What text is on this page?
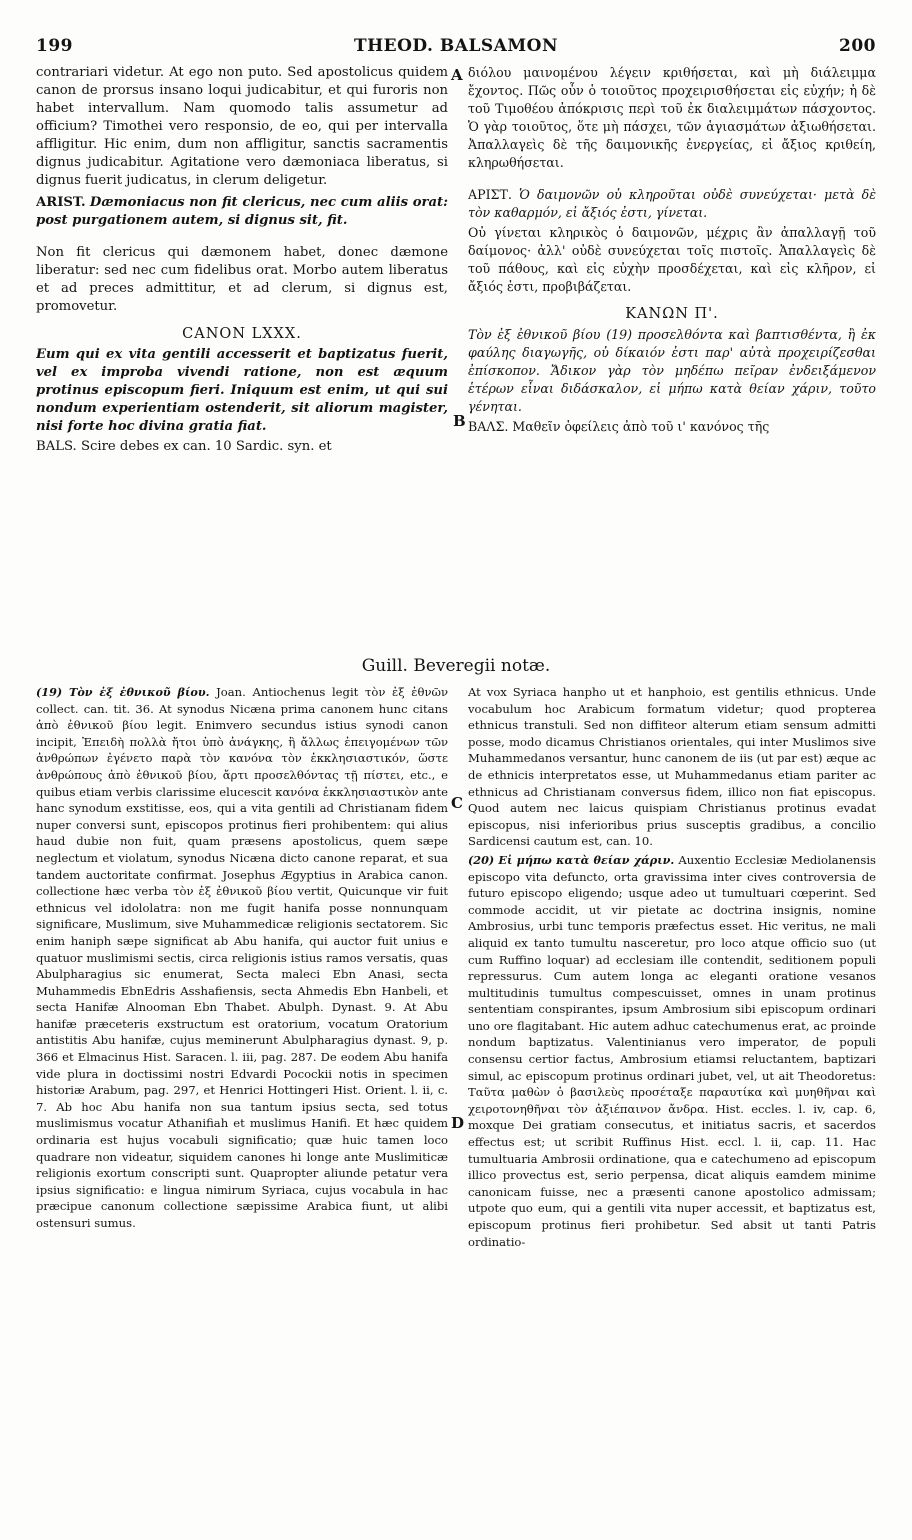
199	THEOD. BALSAMON	200
A
B
C
D

contrariari videtur. At ego non puto. Sed apostolicus quidem canon de prorsus insano loqui judicabitur, et qui furoris non habet intervallum. Nam quomodo talis assumetur ad officium? Timothei vero responsio, de eo, qui per intervalla affligitur. Hic enim, dum non affligitur, sanctis sacramentis dignus judicabitur. Agitatione vero dæmoniaca liberatus, si dignus fuerit judicatus, in clerum deligetur.

ARIST. Dæmoniacus non fit clericus, nec cum aliis orat: post purgationem autem, si dignus sit, fit.

Non fit clericus qui dæmonem habet, donec dæmone liberatur: sed nec cum fidelibus orat. Morbo autem liberatus et ad preces admittitur, et ad clerum, si dignus est, promovetur.

CANON LXXX.

Eum qui ex vita gentili accesserit et baptizatus fuerit, vel ex improba vivendi ratione, non est æquum protinus episcopum fieri. Iniquum est enim, ut qui sui nondum experientiam ostenderit, sit aliorum magister, nisi forte hoc divina gratia fiat.

BALS. Scire debes ex can. 10 Sardic. syn. et

διόλου μαινομένου λέγειν κριθήσεται, καὶ μὴ διάλειμμα ἔχοντος. Πῶς οὖν ὁ τοιοῦτος προχειρισθήσεται εἰς εὐχήν; ἡ δὲ τοῦ Τιμοθέου ἀπόκρισις περὶ τοῦ ἐκ διαλειμμάτων πάσχοντος. Ὁ γὰρ τοιοῦτος, ὅτε μὴ πάσχει, τῶν ἁγιασμάτων ἀξιωθήσεται. Ἀπαλλαγεὶς δὲ τῆς δαιμονικῆς ἐνεργείας, εἰ ἄξιος κριθείη, κληρωθήσεται.

ΑΡΙΣΤ. Ὁ δαιμονῶν οὐ κληροῦται οὐδὲ συνεύχεται· μετὰ δὲ τὸν καθαρμόν, εἰ ἄξιός ἐστι, γίνεται.

Οὐ γίνεται κληρικὸς ὁ δαιμονῶν, μέχρις ἂν ἀπαλλαγῇ τοῦ δαίμονος· ἀλλ' οὐδὲ συνεύχεται τοῖς πιστοῖς. Ἀπαλλαγεὶς δὲ τοῦ πάθους, καὶ εἰς εὐχὴν προσδέχεται, καὶ εἰς κλῆρον, εἰ ἄξιός ἐστι, προβιβάζεται.

ΚΑΝΩΝ Π'.

Τὸν ἐξ ἐθνικοῦ βίου (19) προσελθόντα καὶ βαπτισθέντα, ἢ ἐκ φαύλης διαγωγῆς, οὐ δίκαιόν ἐστι παρ' αὐτὰ προχειρίζεσθαι ἐπίσκοπον. Ἄδικον γὰρ τὸν μηδέπω πεῖραν ἐνδειξάμενον ἑτέρων εἶναι διδάσκαλον, εἰ μήπω κατὰ θείαν χάριν, τοῦτο γένηται.

ΒΑΛΣ. Μαθεῖν ὀφείλεις ἀπὸ τοῦ ι' κανόνος τῆς

Guill. Beveregii notæ.

(19) Τὸν ἐξ ἐθνικοῦ βίου. Joan. Antiochenus legit τὸν ἐξ ἐθνῶν collect. can. tit. 36. At synodus Nicæna prima canonem hunc citans ἀπὸ ἐθνικοῦ βίου legit. Enimvero secundus istius synodi canon incipit, Ἐπειδὴ πολλὰ ἤτοι ὑπὸ ἀνάγκης, ἢ ἄλλως ἐπειγομένων τῶν ἀνθρώπων ἐγένετο παρὰ τὸν κανόνα τὸν ἐκκλησιαστικόν, ὥστε ἀνθρώπους ἀπὸ ἐθνικοῦ βίου, ἄρτι προσελθόντας τῇ πίστει, etc., e quibus etiam verbis clarissime elucescit κανόνα ἐκκλησιαστικὸν ante hanc synodum exstitisse, eos, qui a vita gentili ad Christianam fidem nuper conversi sunt, episcopos protinus fieri prohibentem: qui alius haud dubie non fuit, quam præsens apostolicus, quem sæpe neglectum et violatum, synodus Nicæna dicto canone reparat, et sua tandem auctoritate confirmat. Josephus Ægyptius in Arabica canon. collectione hæc verba τὸν ἐξ ἐθνικοῦ βίου vertit, Quicunque vir fuit ethnicus vel idololatra: non me fugit hanifa posse nonnunquam significare, Muslimum, sive Muhammedicæ religionis sectatorem. Sic enim haniph sæpe significat ab Abu hanifa, qui auctor fuit unius e quatuor muslimismi sectis, circa religionis istius ramos versatis, quas Abulpharagius sic enumerat, Secta maleci Ebn Anasi, secta Muhammedis EbnEdris Asshafiensis, secta Ahmedis Ebn Hanbeli, et secta Hanifæ Alnooman Ebn Thabet. Abulph. Dynast. 9. At Abu hanifæ præceteris exstructum est oratorium, vocatum Oratorium antistitis Abu hanifæ, cujus meminerunt Abulpharagius dynast. 9, p. 366 et Elmacinus Hist. Saracen. l. iii, pag. 287. De eodem Abu hanifa vide plura in doctissimi nostri Edvardi Pocockii notis in specimen historiæ Arabum, pag. 297, et Henrici Hottingeri Hist. Orient. l. ii, c. 7. Ab hoc Abu hanifa non sua tantum ipsius secta, sed totus muslimismus vocatur Athanifiah et muslimus Hanifi. Et hæc quidem ordinaria est hujus vocabuli significatio; quæ huic tamen loco quadrare non videatur, siquidem canones hi longe ante Muslimiticæ religionis exortum conscripti sunt. Quapropter aliunde petatur vera ipsius significatio: e lingua nimirum Syriaca, cujus vocabula in hac præcipue canonum collectione sæpissime Arabica fiunt, ut alibi ostensuri sumus.

At vox Syriaca hanpho ut et hanphoio, est gentilis ethnicus. Unde vocabulum hoc Arabicum formatum videtur; quod propterea ethnicus transtuli. Sed non diffiteor alterum etiam sensum admitti posse, modo dicamus Christianos orientales, qui inter Muslimos sive Muhammedanos versantur, hunc canonem de iis (ut par est) æque ac de ethnicis interpretatos esse, ut Muhammedanus etiam pariter ac ethnicus ad Christianam conversus fidem, illico non fiat episcopus. Quod autem nec laicus quispiam Christianus protinus evadat episcopus, nisi inferioribus prius susceptis gradibus, a concilio Sardicensi cautum est, can. 10.

(20) Εἰ μήπω κατὰ θείαν χάριν. Auxentio Ecclesiæ Mediolanensis episcopo vita defuncto, orta gravissima inter cives controversia de futuro episcopo eligendo; usque adeo ut tumultuari cœperint. Sed commode accidit, ut vir pietate ac doctrina insignis, nomine Ambrosius, urbi tunc temporis præfectus esset. Hic veritus, ne mali aliquid ex tanto tumultu nasceretur, pro loco atque officio suo (ut cum Ruffino loquar) ad ecclesiam ille contendit, seditionem populi repressurus. Cum autem longa ac eleganti oratione vesanos multitudinis tumultus compescuisset, omnes in unam protinus sententiam conspirantes, ipsum Ambrosium sibi episcopum ordinari uno ore flagitabant. Hic autem adhuc catechumenus erat, ac proinde nondum baptizatus. Valentinianus vero imperator, de populi consensu certior factus, Ambrosium etiamsi reluctantem, baptizari simul, ac episcopum protinus ordinari jubet, vel, ut ait Theodoretus: Ταῦτα μαθὼν ὁ βασιλεὺς προσέταξε παραυτίκα καὶ μυηθῆναι καὶ χειροτονηθῆναι τὸν ἀξιέπαινον ἄνδρα. Hist. eccles. l. iv, cap. 6, moxque Dei gratiam consecutus, et initiatus sacris, et sacerdos effectus est; ut scribit Ruffinus Hist. eccl. l. ii, cap. 11. Hac tumultuaria Ambrosii ordinatione, qua e catechumeno ad episcopum illico provectus est, serio perpensa, dicat aliquis eamdem minime canonicam fuisse, nec a præsenti canone apostolico admissam; utpote quo eum, qui a gentili vita nuper accessit, et baptizatus est, episcopum protinus fieri prohibetur. Sed absit ut tanti Patris ordinatio-
